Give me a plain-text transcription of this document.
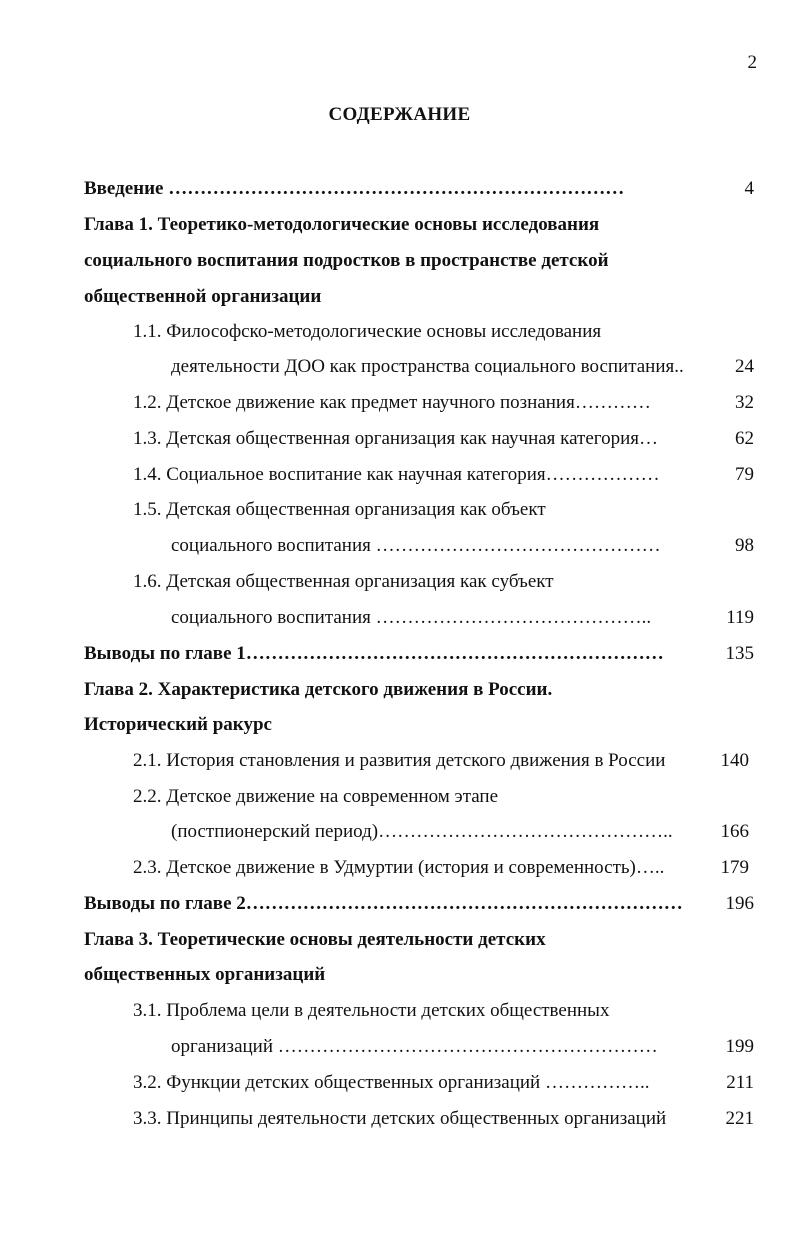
2
СОДЕРЖАНИЕ
Введение ………………………………………………………………	4
Глава 1. Теоретико-методологические основы исследования
социального воспитания подростков в пространстве детской
общественной организации
1.1. Философско-методологические основы исследования
деятельности ДОО как пространства социального воспитания..	24
1.2. Детское движение как предмет научного познания…………	32
1.3. Детская общественная организация как научная категория…	62
1.4. Социальное воспитание как научная категория………………	79
1.5. Детская общественная организация как объект
социального воспитания ………………………………………	98
1.6. Детская общественная организация как субъект
социального воспитания ……………………………………..	119
Выводы по главе 1…………………………………………………………	135
Глава 2. Характеристика детского движения в России.
Исторический ракурс
2.1. История становления и развития детского движения в России	140
2.2. Детское движение на современном этапе
(постпионерский период)………………………………………..	166
2.3. Детское движение в Удмуртии (история и современность)…..	179
Выводы по главе 2……………………………………………………………	196
Глава 3. Теоретические основы деятельности детских
общественных организаций
3.1. Проблема цели в деятельности детских общественных
организаций ……………………………………………………	199
3.2. Функции детских общественных организаций ……………..	211
3.3. Принципы деятельности детских общественных организаций	221
